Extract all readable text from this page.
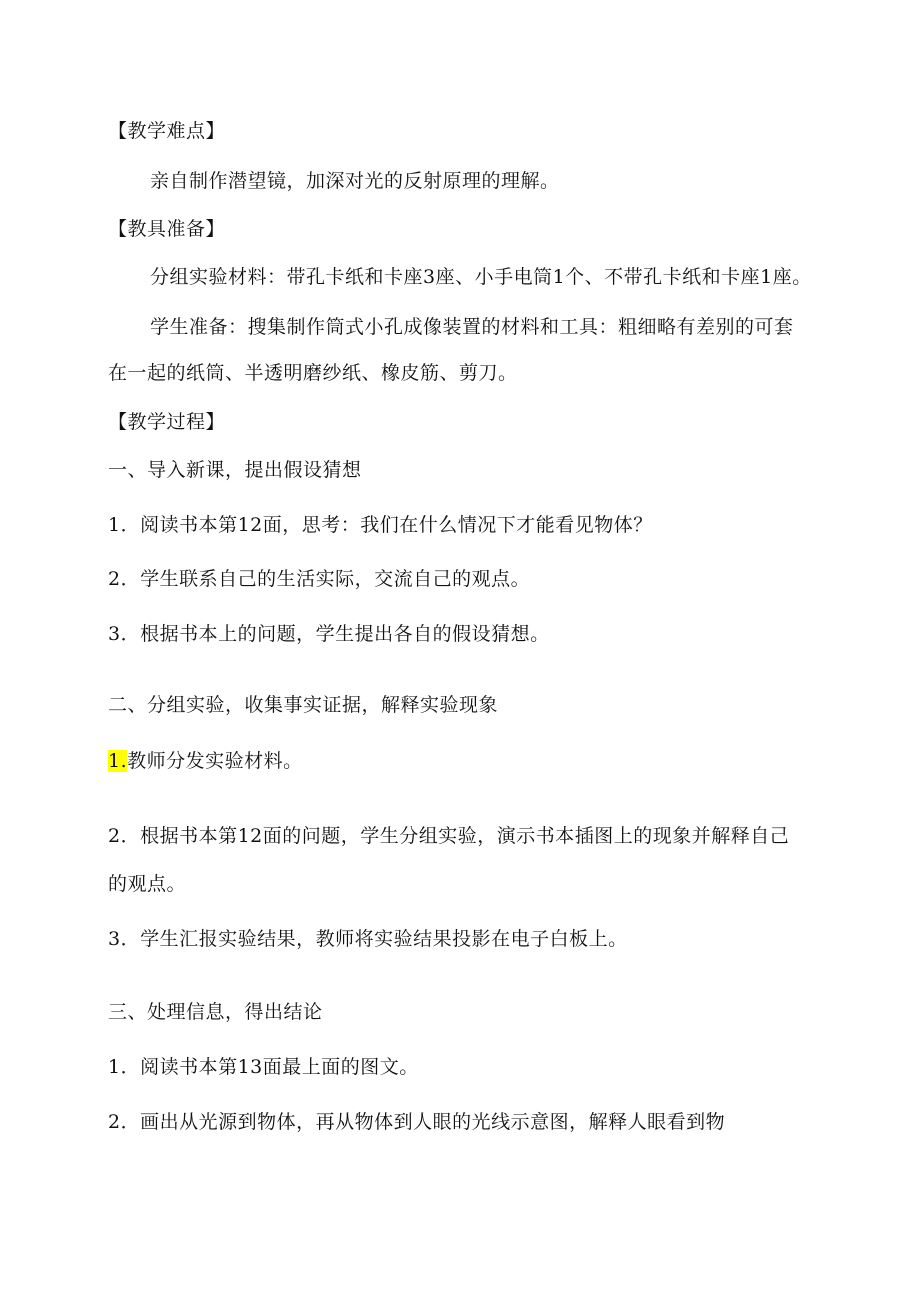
【教学难点】
亲自制作潜望镜，加深对光的反射原理的理解。
【教具准备】
分组实验材料：带孔卡纸和卡座3座、小手电筒1个、不带孔卡纸和卡座1座。
学生准备：搜集制作筒式小孔成像装置的材料和工具：粗细略有差别的可套
在一起的纸筒、半透明磨纱纸、橡皮筋、剪刀。
【教学过程】
一、导入新课，提出假设猜想
1．阅读书本第12面，思考：我们在什么情况下才能看见物体？
2．学生联系自己的生活实际，交流自己的观点。
3．根据书本上的问题，学生提出各自的假设猜想。
二、分组实验，收集事实证据，解释实验现象
1.教师分发实验材料。
2．根据书本第12面的问题，学生分组实验，演示书本插图上的现象并解释自己
的观点。
3．学生汇报实验结果，教师将实验结果投影在电子白板上。
三、处理信息，得出结论
1．阅读书本第13面最上面的图文。
2．画出从光源到物体，再从物体到人眼的光线示意图，解释人眼看到物
